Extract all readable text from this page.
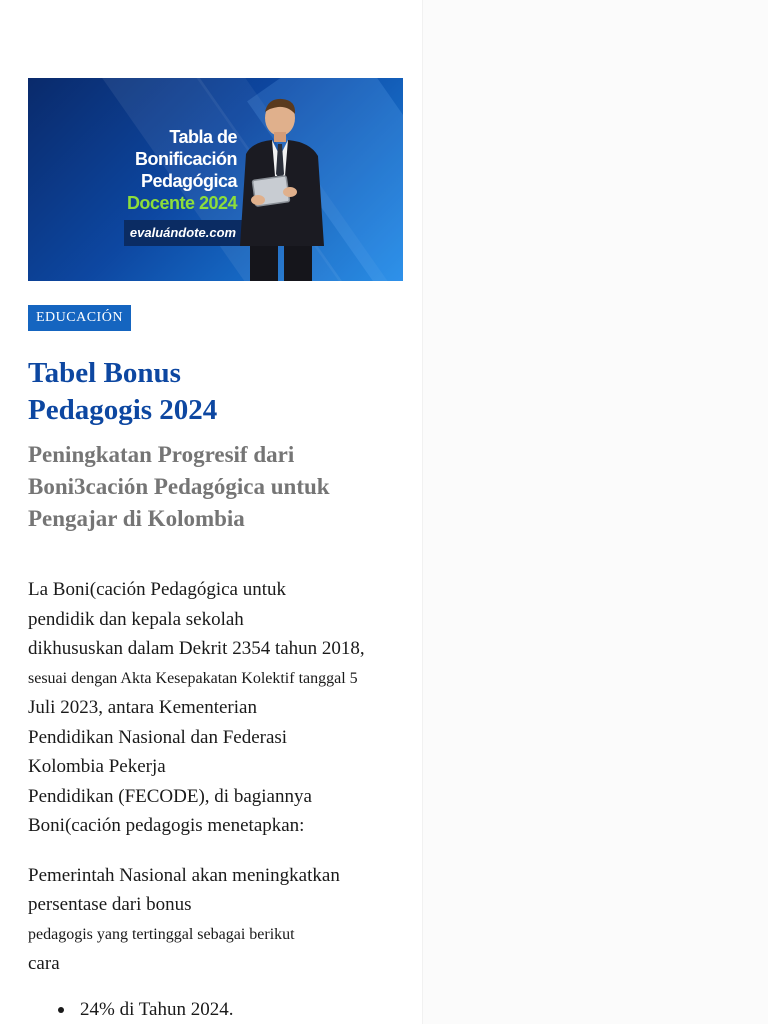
Tabla de
Bonificación
Pedagógica
Docente 2024
evaluándote.com
EDUCACIÓN
Tabel Bonus
Pedagogis 2024
Peningkatan Progresif dari
Boni3cación Pedagógica untuk
Pengajar di Kolombia
La Boni(cación Pedagógica untuk
pendidik dan kepala sekolah
dikhususkan dalam Dekrit 2354 tahun 2018,
sesuai dengan Akta Kesepakatan Kolektif tanggal 5
Juli 2023, antara Kementerian
Pendidikan Nasional dan Federasi
Kolombia Pekerja
Pendidikan (FECODE), di bagiannya
Boni(cación pedagogis menetapkan:
Pemerintah Nasional akan meningkatkan
persentase dari bonus
pedagogis yang tertinggal sebagai berikut
cara
24% di Tahun 2024.
